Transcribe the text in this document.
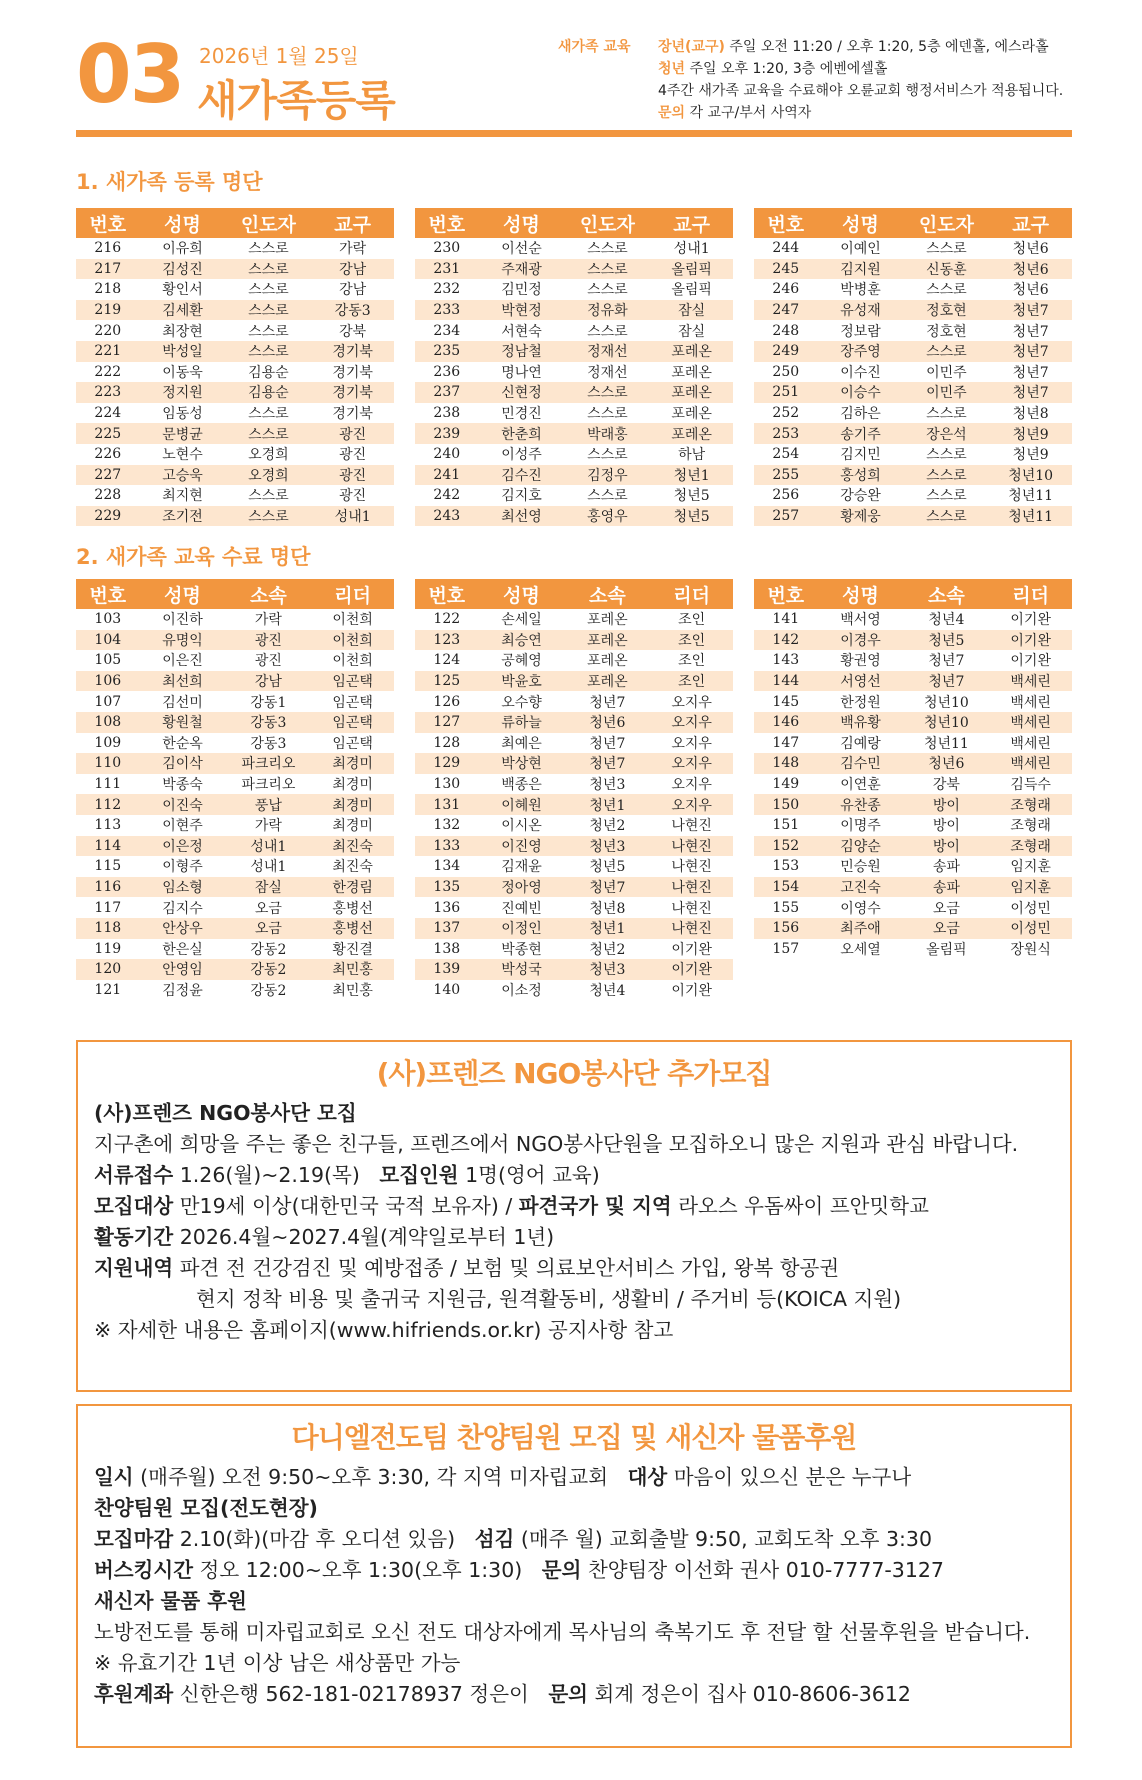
03 2026년 1월 25일
새가족등록
새가족 교육 장년(교구) 주일 오전 11:20 / 오후 1:20, 5층 에덴홀, 에스라홀
청년 주일 오후 1:20, 3층 에벤에셀홀
4주간 새가족 교육을 수료해야 오륜교회 행정서비스가 적용됩니다.
문의 각 교구/부서 사역자
1. 새가족 등록 명단
번호	성명	인도자	교구
216	이유희	스스로	가락
217	김성진	스스로	강남
218	황인서	스스로	강남
219	김세환	스스로	강동3
220	최장현	스스로	강북
221	박성일	스스로	경기북
222	이동욱	김용순	경기북
223	정지원	김용순	경기북
224	임동성	스스로	경기북
225	문병균	스스로	광진
226	노현수	오경희	광진
227	고승욱	오경희	광진
228	최지현	스스로	광진
229	조기전	스스로	성내1
번호	성명	인도자	교구
230	이선순	스스로	성내1
231	주재광	스스로	올림픽
232	김민정	스스로	올림픽
233	박현정	정유화	잠실
234	서현숙	스스로	잠실
235	정남철	정재선	포레온
236	명나연	정재선	포레온
237	신현정	스스로	포레온
238	민경진	스스로	포레온
239	한춘희	박래홍	포레온
240	이성주	스스로	하남
241	김수진	김정우	청년1
242	김지호	스스로	청년5
243	최선영	홍영우	청년5
번호	성명	인도자	교구
244	이예인	스스로	청년6
245	김지원	신동훈	청년6
246	박병훈	스스로	청년6
247	유성재	정호현	청년7
248	정보람	정호현	청년7
249	장주영	스스로	청년7
250	이수진	이민주	청년7
251	이승수	이민주	청년7
252	김하은	스스로	청년8
253	송기주	장은석	청년9
254	김지민	스스로	청년9
255	홍성희	스스로	청년10
256	강승완	스스로	청년11
257	황제웅	스스로	청년11
2. 새가족 교육 수료 명단
번호	성명	소속	리더
103	이진하	가락	이천희
104	유명익	광진	이천희
105	이은진	광진	이천희
106	최선희	강남	임곤택
107	김선미	강동1	임곤택
108	황원철	강동3	임곤택
109	한순옥	강동3	임곤택
110	김이삭	파크리오	최경미
111	박종숙	파크리오	최경미
112	이진숙	풍납	최경미
113	이현주	가락	최경미
114	이은정	성내1	최진숙
115	이형주	성내1	최진숙
116	임소형	잠실	한경림
117	김지수	오금	홍병선
118	안상우	오금	홍병선
119	한은실	강동2	황진결
120	안영임	강동2	최민홍
121	김정윤	강동2	최민홍
번호	성명	소속	리더
122	손세일	포레온	조인
123	최승연	포레온	조인
124	공혜영	포레온	조인
125	박윤호	포레온	조인
126	오수향	청년7	오지우
127	류하늘	청년6	오지우
128	최예은	청년7	오지우
129	박상현	청년7	오지우
130	백종은	청년3	오지우
131	이혜원	청년1	오지우
132	이시온	청년2	나현진
133	이진영	청년3	나현진
134	김재윤	청년5	나현진
135	정아영	청년7	나현진
136	진예빈	청년8	나현진
137	이정인	청년1	나현진
138	박종현	청년2	이기완
139	박성국	청년3	이기완
140	이소정	청년4	이기완
번호	성명	소속	리더
141	백서영	청년4	이기완
142	이경우	청년5	이기완
143	황권영	청년7	이기완
144	서영선	청년7	백세린
145	한정원	청년10	백세린
146	백유황	청년10	백세린
147	김예랑	청년11	백세린
148	김수민	청년6	백세린
149	이연훈	강북	김득수
150	유찬종	방이	조형래
151	이명주	방이	조형래
152	김양순	방이	조형래
153	민승원	송파	임지훈
154	고진숙	송파	임지훈
155	이영수	오금	이성민
156	최주애	오금	이성민
157	오세열	올림픽	장원식
(사)프렌즈 NGO봉사단 추가모집

(사)프렌즈 NGO봉사단 모집

지구촌에 희망을 주는 좋은 친구들, 프렌즈에서 NGO봉사단원을 모집하오니 많은 지원과 관심 바랍니다.

서류접수 1.26(월)~2.19(목) 모집인원 1명(영어 교육)

모집대상 만19세 이상(대한민국 국적 보유자) / 파견국가 및 지역 라오스 우돔싸이 프안밋학교

활동기간 2026.4월~2027.4월(계약일로부터 1년)

지원내역 파견 전 건강검진 및 예방접종 / 보험 및 의료보안서비스 가입, 왕복 항공권

현지 정착 비용 및 출귀국 지원금, 원격활동비, 생활비 / 주거비 등(KOICA 지원)

※ 자세한 내용은 홈페이지(www.hifriends.or.kr) 공지사항 참고

다니엘전도팀 찬양팀원 모집 및 새신자 물품후원

일시 (매주월) 오전 9:50~오후 3:30, 각 지역 미자립교회 대상 마음이 있으신 분은 누구나

찬양팀원 모집(전도현장)

모집마감 2.10(화)(마감 후 오디션 있음) 섬김 (매주 월) 교회출발 9:50, 교회도착 오후 3:30

버스킹시간 정오 12:00~오후 1:30(오후 1:30) 문의 찬양팀장 이선화 권사 010-7777-3127

새신자 물품 후원

노방전도를 통해 미자립교회로 오신 전도 대상자에게 목사님의 축복기도 후 전달 할 선물후원을 받습니다.   ※ 유효기간 1년 이상 남은 새상품만 가능

후원계좌 신한은행 562-181-02178937 정은이 문의 회계 정은이 집사 010-8606-3612
